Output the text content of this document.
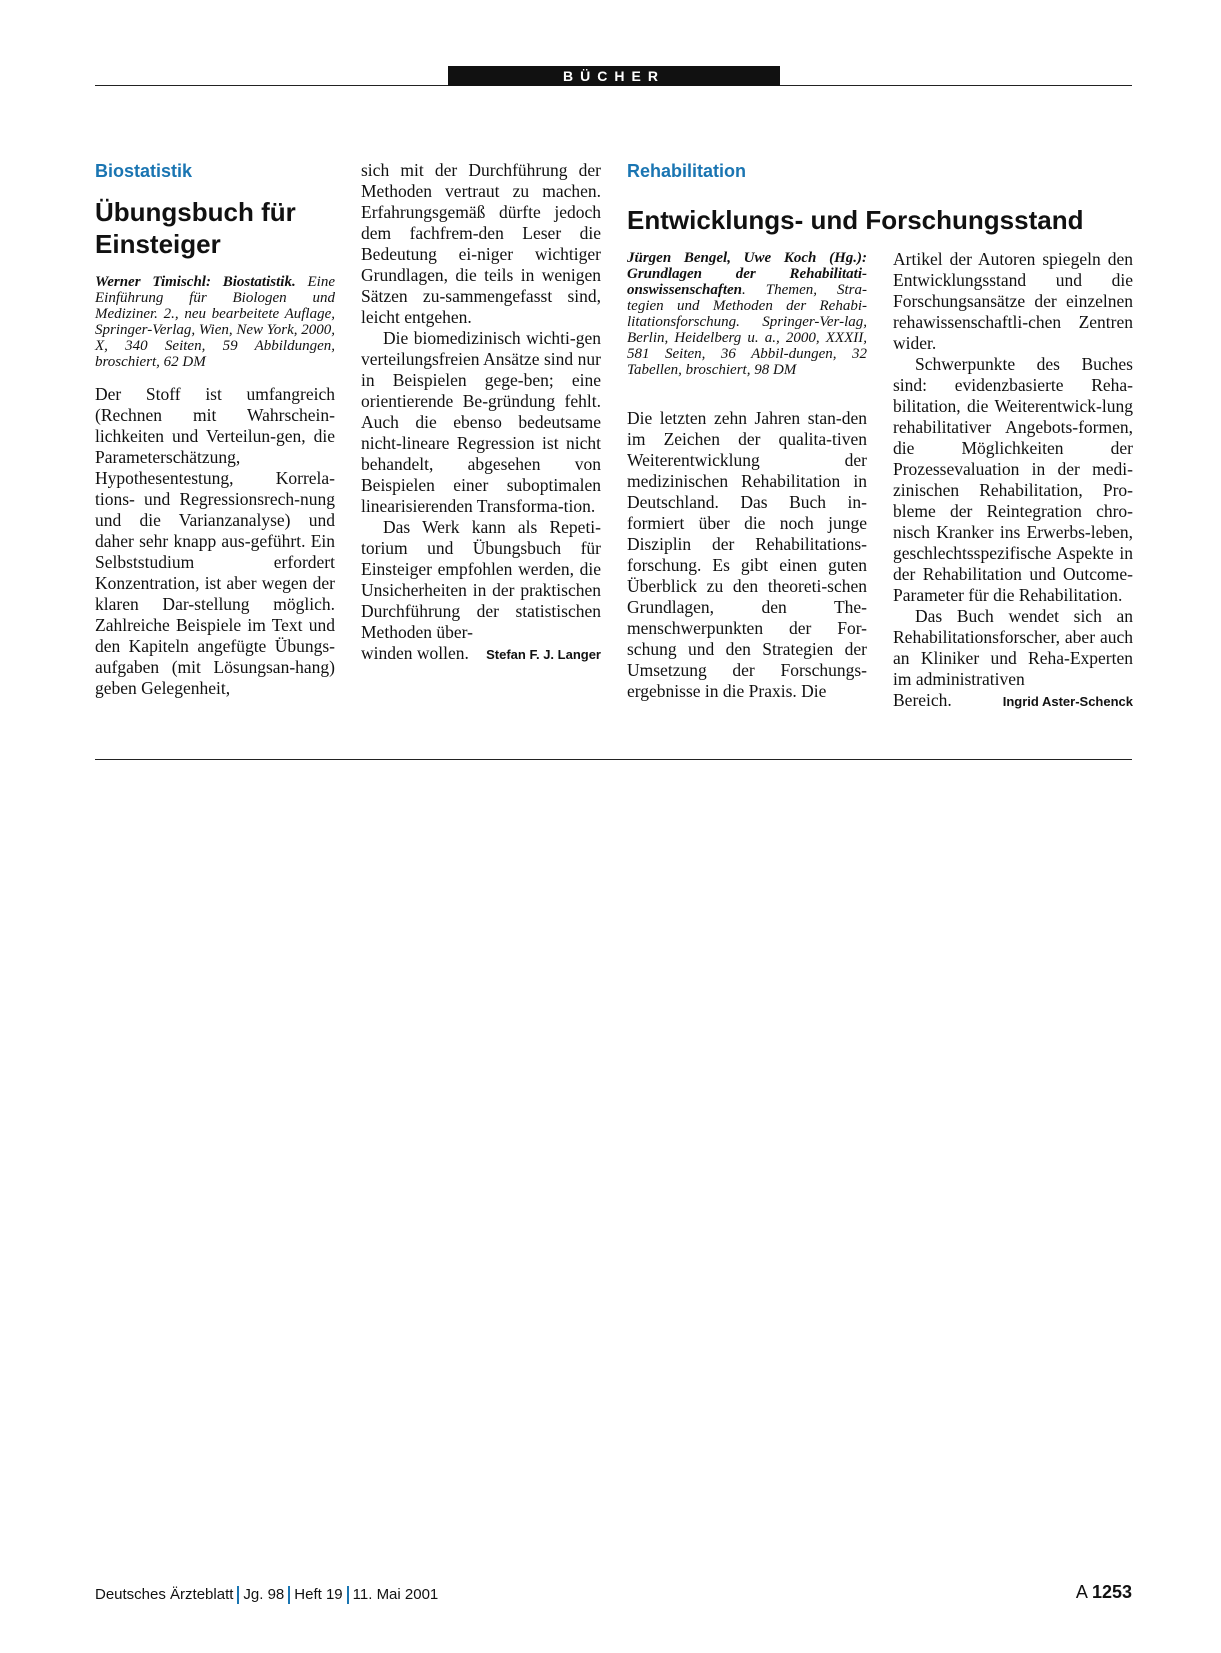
BÜCHER
Biostatistik
Übungsbuch für
Einsteiger
Werner Timischl: Biostatistik. Eine Einführung für Biologen und Mediziner. 2., neu bearbeitete Auflage, Springer-Verlag, Wien, New York, 2000, X, 340 Seiten, 59 Abbildungen, broschiert, 62 DM

Der Stoff ist umfangreich (Rechnen mit Wahrschein-lichkeiten und Verteilun-gen, die Parameterschätzung, Hypothesentestung, Korrela-tions- und Regressionsrech-nung und die Varianzanalyse) und daher sehr knapp aus-geführt. Ein Selbststudium erfordert Konzentration, ist aber wegen der klaren Dar-stellung möglich. Zahlreiche Beispiele im Text und den Kapiteln angefügte Übungs-aufgaben (mit Lösungsan-hang) geben Gelegenheit,

sich mit der Durchführung der Methoden vertraut zu machen. Erfahrungsgemäß dürfte jedoch dem fachfrem-den Leser die Bedeutung ei-niger wichtiger Grundlagen, die teils in wenigen Sätzen zu-sammengefasst sind, leicht entgehen.

Die biomedizinisch wichti-gen verteilungsfreien Ansätze sind nur in Beispielen gege-ben; eine orientierende Be-gründung fehlt. Auch die ebenso bedeutsame nicht-lineare Regression ist nicht behandelt, abgesehen von Beispielen einer suboptimalen linearisierenden Transforma-tion.

Das Werk kann als Repeti-torium und Übungsbuch für Einsteiger empfohlen werden, die Unsicherheiten in der praktischen Durchführung der statistischen Methoden über-

winden wollen. Stefan F. J. Langer
Rehabilitation
Entwicklungs- und Forschungsstand
Jürgen Bengel, Uwe Koch (Hg.): Grundlagen der Rehabilitati-onswissenschaften. Themen, Stra-tegien und Methoden der Rehabi-litationsforschung. Springer-Ver-lag, Berlin, Heidelberg u. a., 2000, XXXII, 581 Seiten, 36 Abbil-dungen, 32 Tabellen, broschiert, 98 DM

Die letzten zehn Jahren stan-den im Zeichen der qualita-tiven Weiterentwicklung der medizinischen Rehabilitation in Deutschland. Das Buch in-formiert über die noch junge Disziplin der Rehabilitations-forschung. Es gibt einen guten Überblick zu den theoreti-schen Grundlagen, den The-menschwerpunkten der For-schung und den Strategien der Umsetzung der Forschungs-ergebnisse in die Praxis. Die

Artikel der Autoren spiegeln den Entwicklungsstand und die Forschungsansätze der einzelnen rehawissenschaftli-chen Zentren wider.

Schwerpunkte des Buches sind: evidenzbasierte Reha-bilitation, die Weiterentwick-lung rehabilitativer Angebots-formen, die Möglichkeiten der Prozessevaluation in der medi-zinischen Rehabilitation, Pro-bleme der Reintegration chro-nisch Kranker ins Erwerbs-leben, geschlechtsspezifische Aspekte in der Rehabilitation und Outcome-Parameter für die Rehabilitation.

Das Buch wendet sich an Rehabilitationsforscher, aber auch an Kliniker und Reha-Experten im administrativen

Bereich.	Ingrid Aster-Schenck
Deutsches Ärzteblatt Jg. 98 Heft 19 11. Mai 2001	A 1253
